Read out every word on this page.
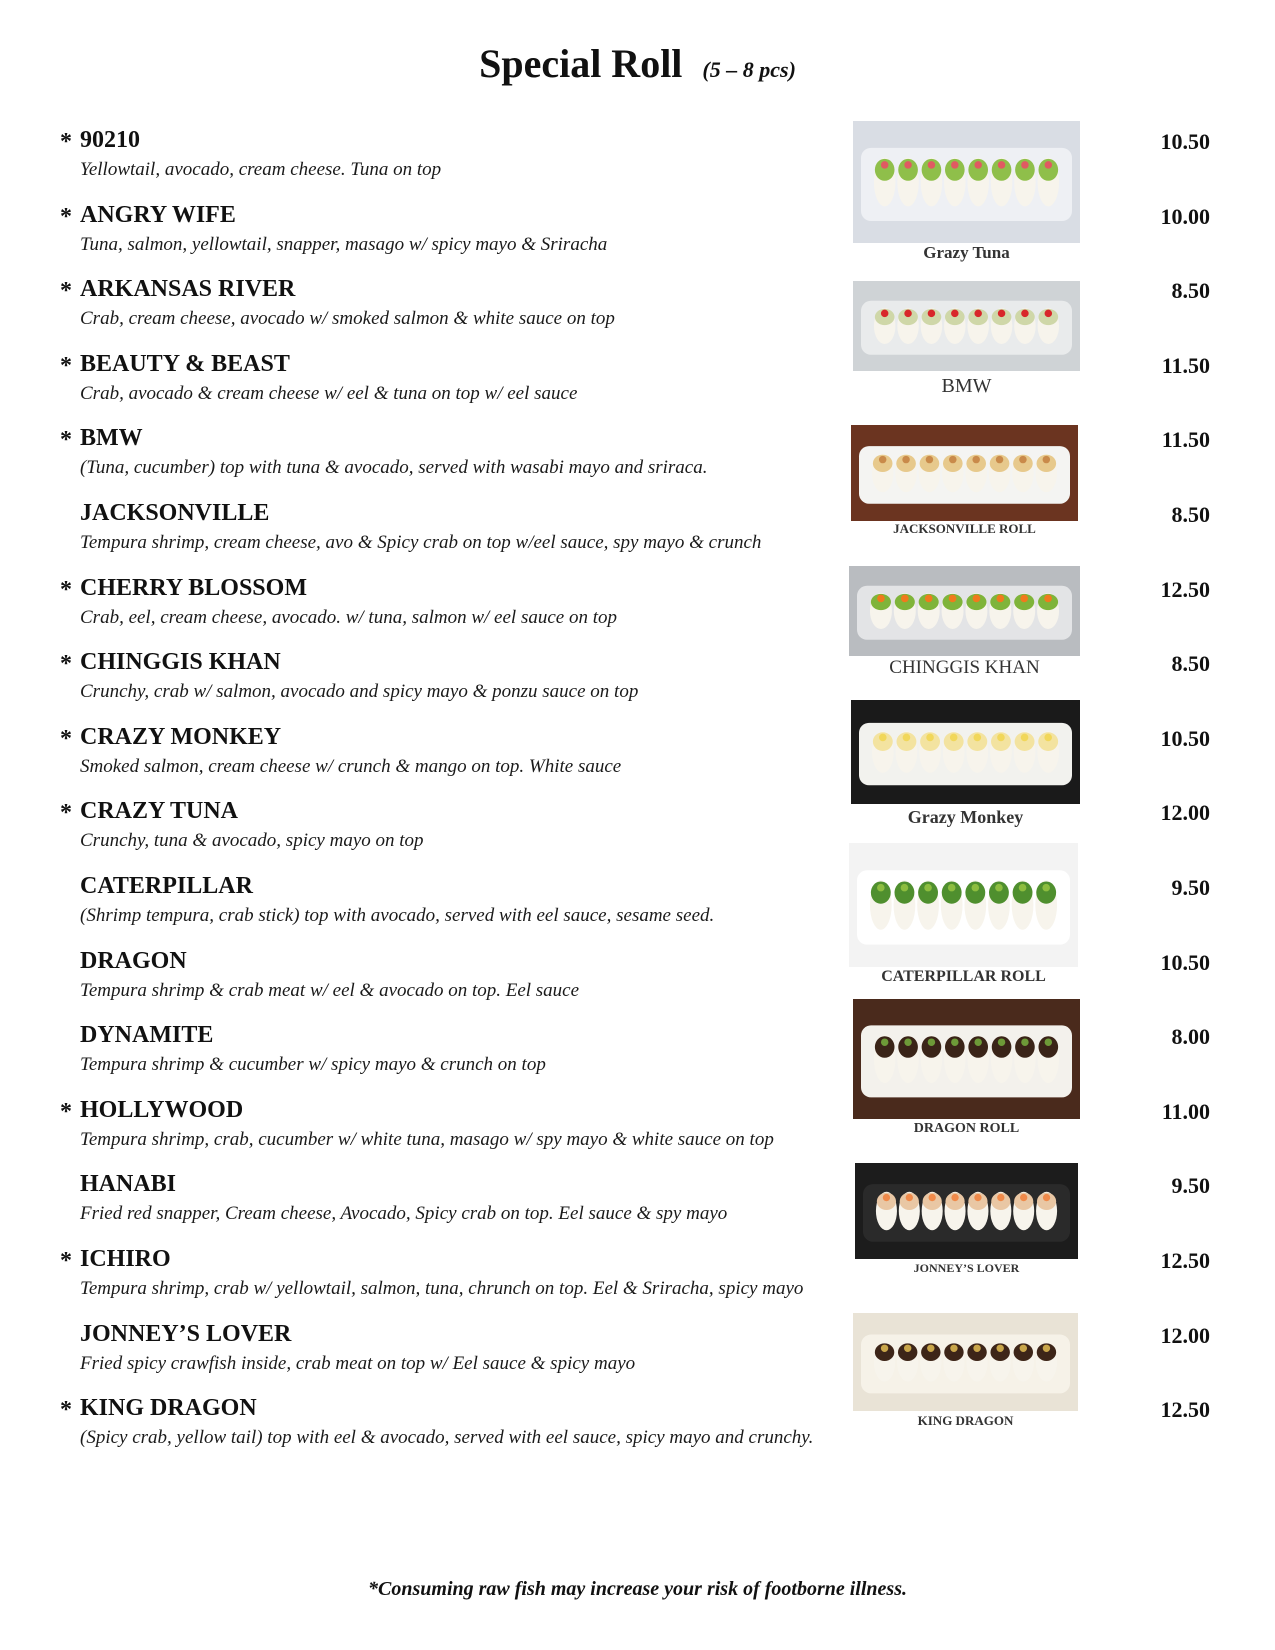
Special Roll (5 – 8 pcs)
* 90210
Yellowtail, avocado, cream cheese. Tuna on top
* ANGRY WIFE
Tuna, salmon, yellowtail, snapper, masago w/ spicy mayo & Sriracha
* ARKANSAS RIVER
Crab, cream cheese, avocado w/ smoked salmon & white sauce on top
* BEAUTY & BEAST
Crab, avocado & cream cheese w/ eel & tuna on top w/ eel sauce
* BMW
(Tuna, cucumber) top with tuna & avocado, served with wasabi mayo and sriraca.
JACKSONVILLE
Tempura shrimp, cream cheese, avo & Spicy crab on top w/eel sauce, spy mayo & crunch
* CHERRY BLOSSOM
Crab, eel, cream cheese, avocado. w/ tuna, salmon w/ eel sauce on top
* CHINGGIS KHAN
Crunchy, crab w/ salmon, avocado and spicy mayo & ponzu sauce on top
* CRAZY MONKEY
Smoked salmon, cream cheese w/ crunch & mango on top. White sauce
* CRAZY TUNA
Crunchy, tuna & avocado, spicy mayo on top
CATERPILLAR
(Shrimp tempura, crab stick) top with avocado, served with eel sauce, sesame seed.
DRAGON
Tempura shrimp & crab meat w/ eel & avocado on top. Eel sauce
DYNAMITE
Tempura shrimp & cucumber w/ spicy mayo & crunch on top
* HOLLYWOOD
Tempura shrimp, crab, cucumber w/ white tuna, masago w/ spy mayo & white sauce on top
HANABI
Fried red snapper, Cream cheese, Avocado, Spicy crab on top. Eel sauce & spy mayo
* ICHIRO
Tempura shrimp, crab w/ yellowtail, salmon, tuna, chrunch on top. Eel & Sriracha, spicy mayo
JONNEY’S LOVER
Fried spicy crawfish inside, crab meat on top w/ Eel sauce & spicy mayo
* KING DRAGON
(Spicy crab, yellow tail) top with eel & avocado, served with eel sauce, spicy mayo and crunchy.
10.50
10.00
8.50
11.50
11.50
8.50
12.50
8.50
10.50
12.00
9.50
10.50
8.00
11.00
9.50
12.50
12.00
12.50
Grazy Tuna
BMW
JACKSONVILLE ROLL
CHINGGIS KHAN
Grazy Monkey
CATERPILLAR ROLL
DRAGON ROLL
JONNEY’S LOVER
KING DRAGON
*Consuming raw fish may increase your risk of footborne illness.
